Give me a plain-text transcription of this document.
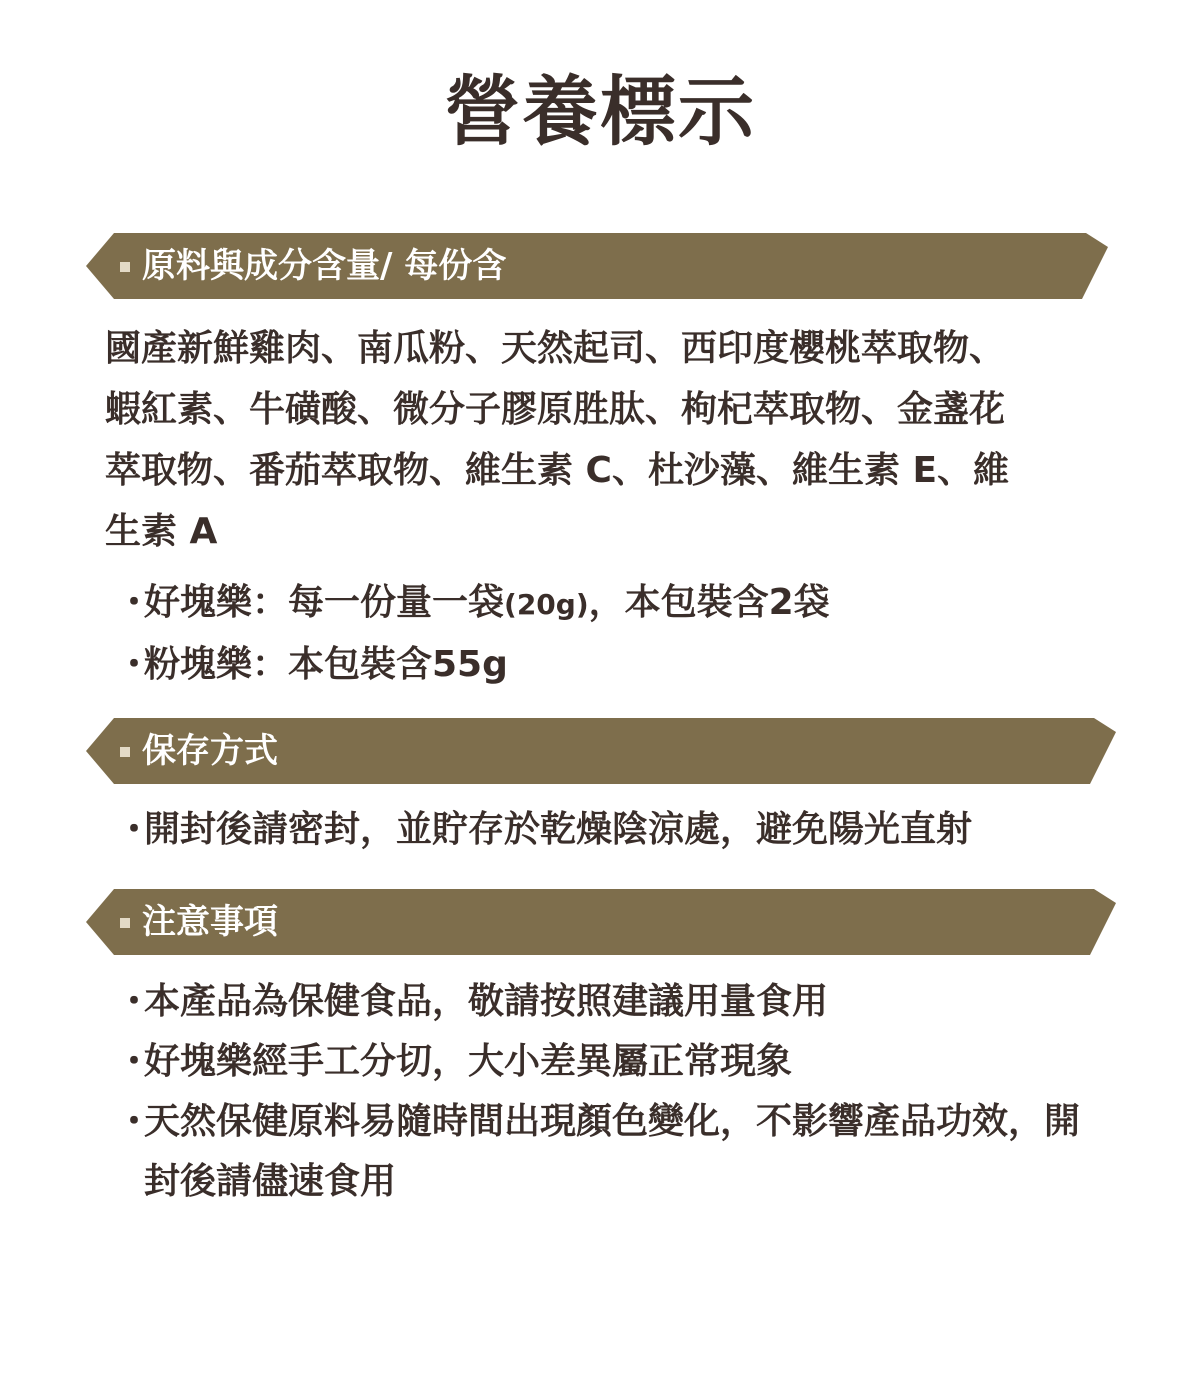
營養標示
原料與成分含量/ 每份含
國產新鮮雞肉、南瓜粉、天然起司、西印度櫻桃萃取物、
蝦紅素、牛磺酸、微分子膠原胜肽、枸杞萃取物、金盞花
萃取物、番茄萃取物、維生素 C、杜沙藻、維生素 E、維
生素 A
・
好塊樂：每一份量一袋(20g)，本包裝含2袋
・
粉塊樂：本包裝含55g
保存方式
・
開封後請密封，並貯存於乾燥陰涼處，避免陽光直射
注意事項
・
本產品為保健食品，敬請按照建議用量食用
・
好塊樂經手工分切，大小差異屬正常現象
・
天然保健原料易隨時間出現顏色變化，不影響產品功效，開封後請儘速食用
